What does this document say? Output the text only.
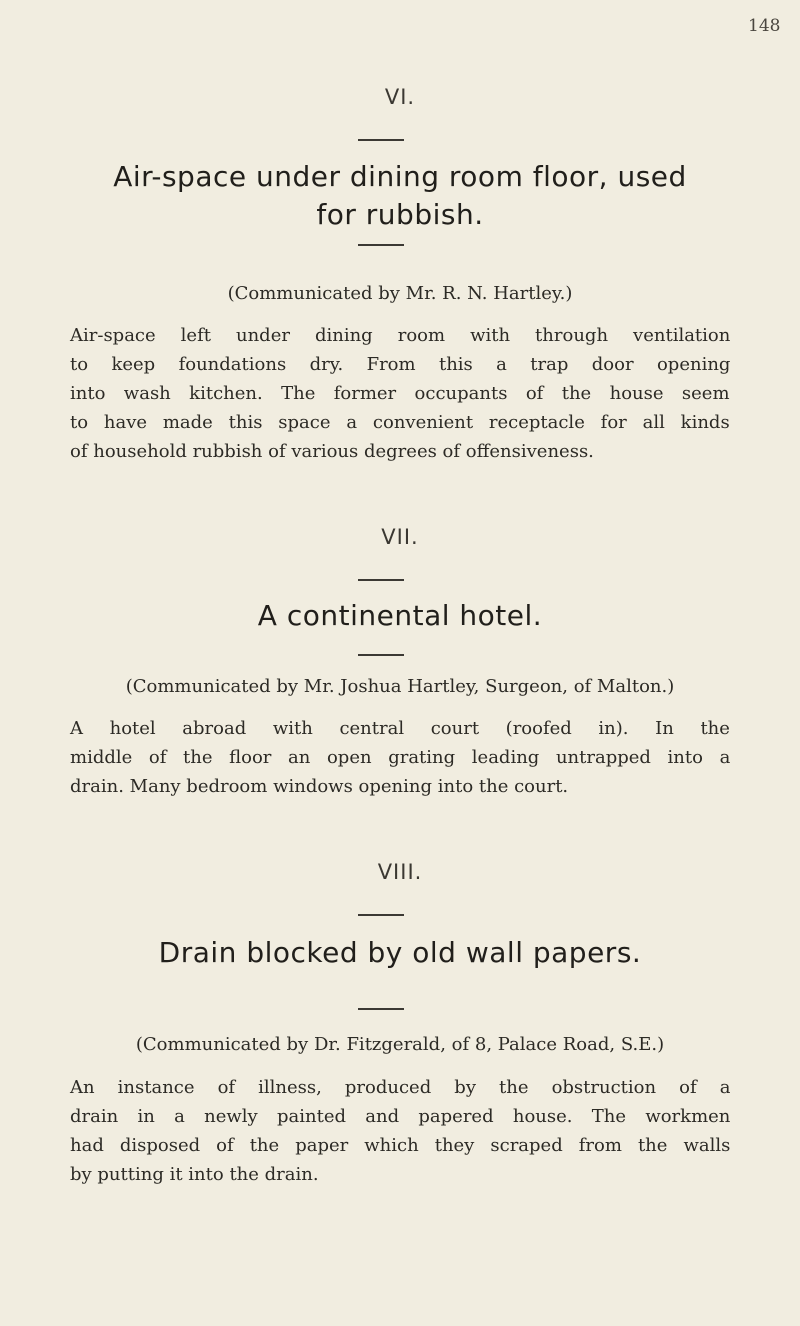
148
VI.
Air-space under dining room floor, used
for rubbish.
(Communicated by Mr. R. N. Hartley.)
Air-space left under dining room with through ventilation
to keep foundations dry. From this a trap door opening
into wash kitchen. The former occupants of the house seem
to have made this space a convenient receptacle for all kinds
of household rubbish of various degrees of offensiveness.
VII.
A continental hotel.
(Communicated by Mr. Joshua Hartley, Surgeon, of Malton.)
A hotel abroad with central court (roofed in). In the
middle of the floor an open grating leading untrapped into a
drain. Many bedroom windows opening into the court.
VIII.
Drain blocked by old wall papers.
(Communicated by Dr. Fitzgerald, of 8, Palace Road, S.E.)
An instance of illness, produced by the obstruction of a
drain in a newly painted and papered house. The workmen
had disposed of the paper which they scraped from the walls
by putting it into the drain.
